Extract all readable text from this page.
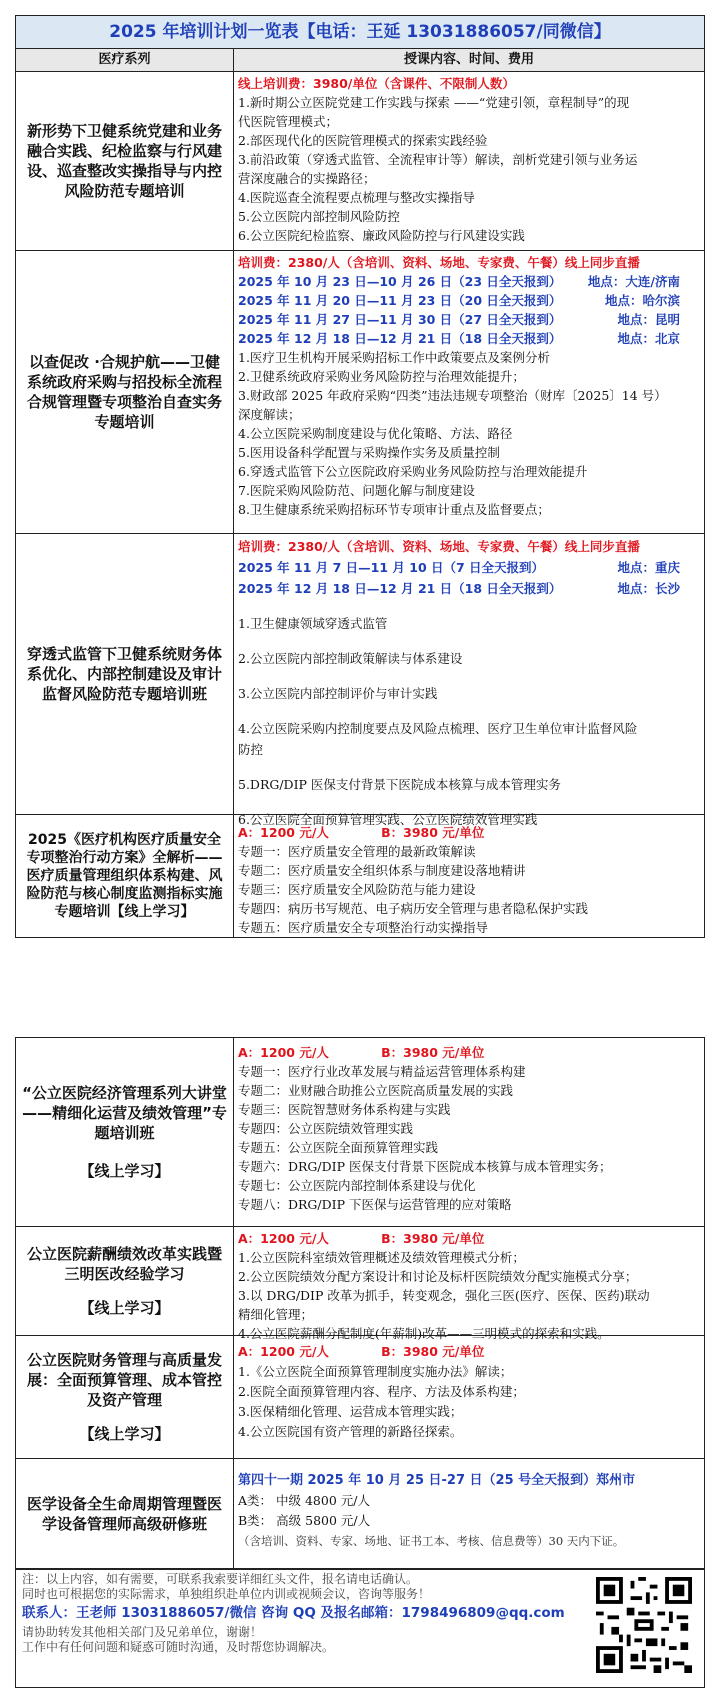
2025 年培训计划一览表【电话：王延 13031886057/同微信】
医疗系列	授课内容、时间、费用
新形势下卫健系统党建和业务融合实践、纪检监察与行风建设、巡查整改实操指导与内控风险防范专题培训
线上培训费：3980/单位（含课件、不限制人数）
1.新时期公立医院党建工作实践与探索 ——“党建引领，章程制导”的现
代医院管理模式；
2.部医现代化的医院管理模式的探索实践经验
3.前沿政策（穿透式监管、全流程审计等）解读，剖析党建引领与业务运
营深度融合的实操路径；
4.医院巡查全流程要点梳理与整改实操指导
5.公立医院内部控制风险防控
6.公立医院纪检监察、廉政风险防控与行风建设实践
以查促改 ·合规护航——卫健系统政府采购与招投标全流程合规管理暨专项整治自查实务专题培训
培训费：2380/人（含培训、资料、场地、专家费、午餐）线上同步直播
2025 年 10 月 23 日—10 月 26 日（23 日全天报到） 地点：大连/济南
2025 年 11 月 20 日—11 月 23 日（20 日全天报到）	地点：哈尔滨
2025 年 11 月 27 日—11 月 30 日（27 日全天报到）	地点：昆明
2025 年 12 月 18 日—12 月 21 日（18 日全天报到）	地点：北京
1.医疗卫生机构开展采购招标工作中政策要点及案例分析
2.卫健系统政府采购业务风险防控与治理效能提升；
3.财政部 2025 年政府采购“四类”违法违规专项整治（财库〔2025〕14 号）
深度解读；
4.公立医院采购制度建设与优化策略、方法、路径
5.医用设备科学配置与采购操作实务及质量控制
6.穿透式监管下公立医院政府采购业务风险防控与治理效能提升
7.医院采购风险防范、问题化解与制度建设
8.卫生健康系统采购招标环节专项审计重点及监督要点；
穿透式监管下卫健系统财务体系优化、内部控制建设及审计监督风险防范专题培训班
培训费：2380/人（含培训、资料、场地、专家费、午餐）线上同步直播
2025 年 11 月 7 日—11 月 10 日（7 日全天报到）	地点：重庆
2025 年 12 月 18 日—12 月 21 日（18 日全天报到）	地点：长沙
1.卫生健康领域穿透式监管
2.公立医院内部控制政策解读与体系建设
3.公立医院内部控制评价与审计实践
4.公立医院采购内控制度要点及风险点梳理、医疗卫生单位审计监督风险
防控
5.DRG/DIP 医保支付背景下医院成本核算与成本管理实务
6.公立医院全面预算管理实践、公立医院绩效管理实践
2025《医疗机构医疗质量安全专项整治行动方案》全解析——医疗质量管理组织体系构建、风险防范与核心制度监测指标实施专题培训【线上学习】
A：1200 元/人	B：3980 元/单位
专题一：医疗质量安全管理的最新政策解读
专题二：医疗质量安全组织体系与制度建设落地精讲
专题三：医疗质量安全风险防范与能力建设
专题四：病历书写规范、电子病历安全管理与患者隐私保护实践
专题五：医疗质量安全专项整治行动实操指导
“公立医院经济管理系列大讲堂——精细化运营及绩效管理”专题培训班
【线上学习】
A：1200 元/人	B：3980 元/单位
专题一：医疗行业改革发展与精益运营管理体系构建
专题二：业财融合助推公立医院高质量发展的实践
专题三：医院智慧财务体系构建与实践
专题四：公立医院绩效管理实践
专题五：公立医院全面预算管理实践
专题六：DRG/DIP 医保支付背景下医院成本核算与成本管理实务；
专题七：公立医院内部控制体系建设与优化
专题八：DRG/DIP 下医保与运营管理的应对策略
公立医院薪酬绩效改革实践暨三明医改经验学习
【线上学习】
A：1200 元/人	B：3980 元/单位
1.公立医院科室绩效管理概述及绩效管理模式分析；
2.公立医院绩效分配方案设计和讨论及标杆医院绩效分配实施模式分享；
3.以 DRG/DIP 改革为抓手，转变观念，强化三医(医疗、医保、医药)联动
精细化管理；
4.公立医院薪酬分配制度(年薪制)改革——三明模式的探索和实践。
公立医院财务管理与高质量发展：全面预算管理、成本管控及资产管理
【线上学习】
A：1200 元/人	B：3980 元/单位
1.《公立医院全面预算管理制度实施办法》解读；
2.医院全面预算管理内容、程序、方法及体系构建；
3.医保精细化管理、运营成本管理实践；
4.公立医院国有资产管理的新路径探索。
医学设备全生命周期管理暨医学设备管理师高级研修班
第四十一期 2025 年 10 月 25 日-27 日（25 号全天报到）郑州市
A类： 中级 4800 元/人
B类： 高级 5800 元/人
（含培训、资料、专家、场地、证书工本、考核、信息费等）30 天内下证。
注：以上内容，如有需要，可联系我索要详细红头文件，报名请电话确认。
同时也可根据您的实际需求，单独组织赴单位内训或视频会议，咨询等服务！
联系人：王老师 13031886057/微信 咨询 QQ 及报名邮箱：1798496809@qq.com
请协助转发其他相关部门及兄弟单位，谢谢！
工作中有任何问题和疑惑可随时沟通，及时帮您协调解决。
